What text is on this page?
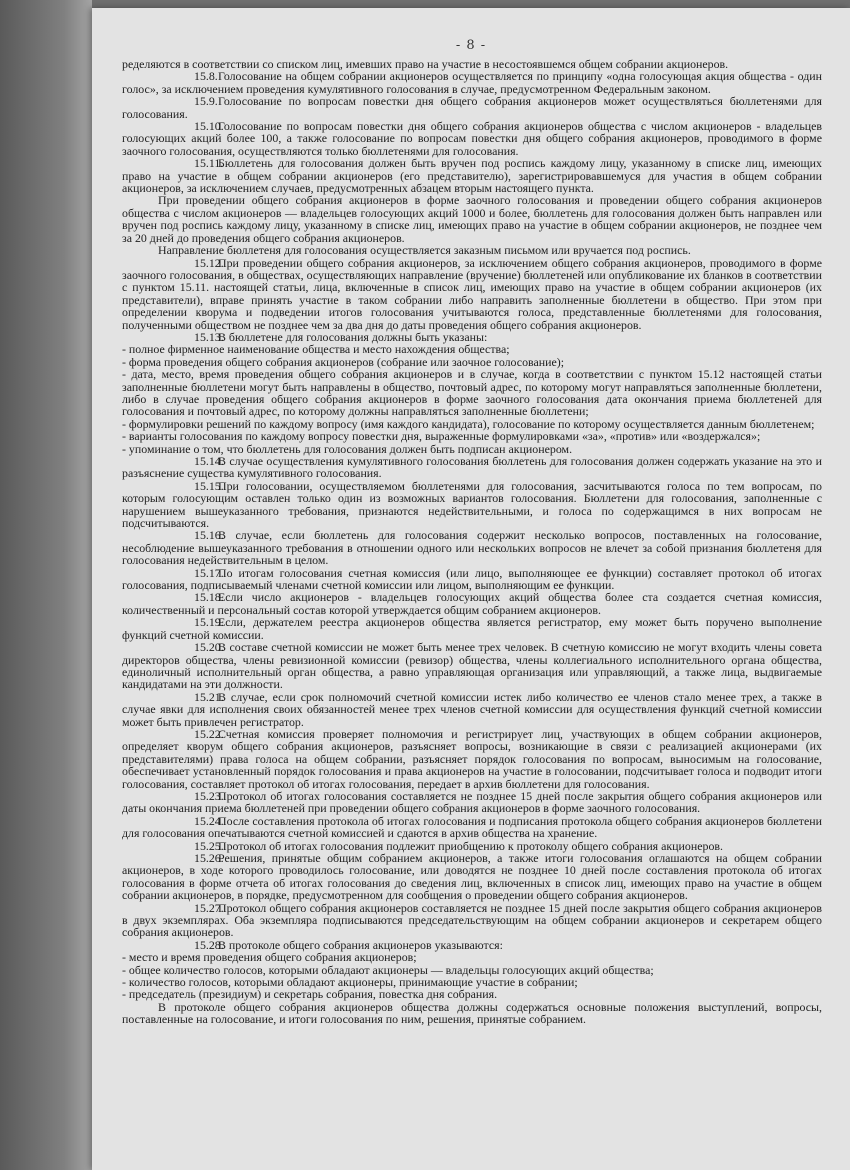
- 8 -

ределяются в соответствии со списком лиц, имевших право на участие в несостоявшемся общем собрании акционеров.

15.8.Голосование на общем собрании акционеров осуществляется по принципу «одна голосующая акция общества - один голос», за исключением проведения кумулятивного голосования в случае, предусмотренном Федеральным законом.

15.9.Голосование по вопросам повестки дня общего собрания акционеров может осуществляться бюллетенями для голосования.

15.10.Голосование по вопросам повестки дня общего собрания акционеров общества с числом акционеров - владельцев голосующих акций более 100, а также голосование по вопросам повестки дня общего собрания акционеров, проводимого в форме заочного голосования, осуществляются только бюллетенями для голосования.

15.11.Бюллетень для голосования должен быть вручен под роспись каждому лицу, указанному в списке лиц, имеющих право на участие в общем собрании акционеров (его представителю), зарегистрировавшемуся для участия в общем собрании акционеров, за исключением случаев, предусмотренных абзацем вторым настоящего пункта.

При проведении общего собрания акционеров в форме заочного голосования и проведении общего собрания акционеров общества с числом акционеров — владельцев голосующих акций 1000 и более, бюллетень для голосования должен быть направлен или вручен под роспись каждому лицу, указанному в списке лиц, имеющих право на участие в общем собрании акционеров, не позднее чем за 20 дней до проведения общего собрания акционеров.

Направление бюллетеня для голосования осуществляется заказным письмом или вручается под роспись.

15.12.При проведении общего собрания акционеров, за исключением общего собрания акционеров, проводимого в форме заочного голосования, в обществах, осуществляющих направление (вручение) бюллетеней или опубликование их бланков в соответствии с пунктом 15.11. настоящей статьи, лица, включенные в список лиц, имеющих право на участие в общем собрании акционеров (их представители), вправе принять участие в таком собрании либо направить заполненные бюллетени в общество. При этом при определении кворума и подведении итогов голосования учитываются голоса, представленные бюллетенями для голосования, полученными обществом не позднее чем за два дня до даты проведения общего собрания акционеров.

15.13.В бюллетене для голосования должны быть указаны:

- полное фирменное наименование общества и место нахождения общества;

- форма проведения общего собрания акционеров (собрание или заочное голосование);

- дата, место, время проведения общего собрания акционеров и в случае, когда в соответствии с пунктом 15.12 настоящей статьи заполненные бюллетени могут быть направлены в общество, почтовый адрес, по которому могут направляться заполненные бюллетени, либо в случае проведения общего собрания акционеров в форме заочного голосования дата окончания приема бюллетеней для голосования и почтовый адрес, по которому должны направляться заполненные бюллетени;

- формулировки решений по каждому вопросу (имя каждого кандидата), голосование по которому осуществляется данным бюллетенем;

- варианты голосования по каждому вопросу повестки дня, выраженные формулировками «за», «против» или «воздержался»;

- упоминание о том, что бюллетень для голосования должен быть подписан акционером.

15.14.В случае осуществления кумулятивного голосования бюллетень для голосования должен содержать указание на это и разъяснение существа кумулятивного голосования.

15.15.При голосовании, осуществляемом бюллетенями для голосования, засчитываются голоса по тем вопросам, по которым голосующим оставлен только один из возможных вариантов голосования. Бюллетени для голосования, заполненные с нарушением вышеуказанного требования, признаются недействительными, и голоса по содержащимся в них вопросам не подсчитываются.

15.16.В случае, если бюллетень для голосования содержит несколько вопросов, поставленных на голосование, несоблюдение вышеуказанного требования в отношении одного или нескольких вопросов не влечет за собой признания бюллетеня для голосования недействительным в целом.

15.17.По итогам голосования счетная комиссия (или лицо, выполняющее ее функции) составляет протокол об итогах голосования, подписываемый членами счетной комиссии или лицом, выполняющим ее функции.

15.18.Если число акционеров - владельцев голосующих акций общества более ста создается счетная комиссия, количественный и персональный состав которой утверждается общим собранием акционеров.

15.19.Если, держателем реестра акционеров общества является регистратор, ему может быть поручено выполнение функций счетной комиссии.

15.20.В составе счетной комиссии не может быть менее трех человек. В счетную комиссию не могут входить члены совета директоров общества, члены ревизионной комиссии (ревизор) общества, члены коллегиального исполнительного органа общества, единоличный исполнительный орган общества, а равно управляющая организация или управляющий, а также лица, выдвигаемые кандидатами на эти должности.

15.21.В случае, если срок полномочий счетной комиссии истек либо количество ее членов стало менее трех, а также в случае явки для исполнения своих обязанностей менее трех членов счетной комиссии для осуществления функций счетной комиссии может быть привлечен регистратор.

15.22.Счетная комиссия проверяет полномочия и регистрирует лиц, участвующих в общем собрании акционеров, определяет кворум общего собрания акционеров, разъясняет вопросы, возникающие в связи с реализацией акционерами (их представителями) права голоса на общем собрании, разъясняет порядок голосования по вопросам, выносимым на голосование, обеспечивает установленный порядок голосования и права акционеров на участие в голосовании, подсчитывает голоса и подводит итоги голосования, составляет протокол об итогах голосования, передает в архив бюллетени для голосования.

15.23.Протокол об итогах голосования составляется не позднее 15 дней после закрытия общего собрания акционеров или даты окончания приема бюллетеней при проведении общего собрания акционеров в форме заочного голосования.

15.24.После составления протокола об итогах голосования и подписания протокола общего собрания акционеров бюллетени для голосования опечатываются счетной комиссией и сдаются в архив общества на хранение.

15.25.Протокол об итогах голосования подлежит приобщению к протоколу общего собрания акционеров.

15.26.Решения, принятые общим собранием акционеров, а также итоги голосования оглашаются на общем собрании акционеров, в ходе которого проводилось голосование, или доводятся не позднее 10 дней после составления протокола об итогах голосования в форме отчета об итогах голосования до сведения лиц, включенных в список лиц, имеющих право на участие в общем собрании акционеров, в порядке, предусмотренном для сообщения о проведении общего собрания акционеров.

15.27.Протокол общего собрания акционеров составляется не позднее 15 дней после закрытия общего собрания акционеров в двух экземплярах. Оба экземпляра подписываются председательствующим на общем собрании акционеров и секретарем общего собрания акционеров.

15.28.В протоколе общего собрания акционеров указываются:

- место и время проведения общего собрания акционеров;

- общее количество голосов, которыми обладают акционеры — владельцы голосующих акций общества;

- количество голосов, которыми обладают акционеры, принимающие участие в собрании;

- председатель (президиум) и секретарь собрания, повестка дня собрания.

В протоколе общего собрания акционеров общества должны содержаться основные положения выступлений, вопросы, поставленные на голосование, и итоги голосования по ним, решения, принятые собранием.
